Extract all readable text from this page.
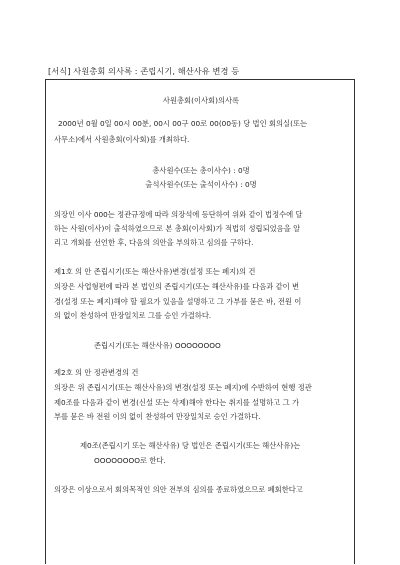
[서식] 사원총회 의사록 : 존립시기, 해산사유 변경 등
사원총회(이사회)의사록
2000년 0월 0일 00시 00분, 00시 00구 00로 00(00동) 당 법인 회의실(또는
사무소)에서 사원총회(이사회)를 개최하다.
총사원수(또는 총이사수) : 0명
출석사원수(또는 출석이사수) : 0명
의장인 이사 000는 정관규정에 따라 의장석에 등단하여 위와 같이 법정수에 달
하는 사원(이사)이 출석하였으므로 본 총회(이사회)가 적법히 성립되었음을 알
리고 개회를 선언한 후, 다음의 의안을 부의하고 심의를 구하다.
제1호 의 안 존립시기(또는 해산사유)변경(설정 또는 폐지)의 건
의장은 사업형편에 따라 본 법인의 존립시기(또는 해산사유)를 다음과 같이 변
경(설정 또는 폐지)해야 할 필요가 있음을 설명하고 그 가부를 묻은 바, 전원 이
의 없이 찬성하여 만장일치로 그를 승인 가결하다.
존립시기(또는 해산사유) OOOOOOOO
제2호 의 안 정관변경의 건
의장은 위 존립시기(또는 해산사유)의 변경(설정 또는 폐지)에 수반하여 현행 정관
제0조를 다음과 같이 변경(신설 또는 삭제)해야 한다는 취지를 설명하고 그 가
부를 묻은 바 전원 이의 없이 찬성하여 만장일치로 승인 가결하다.
제0조(존립시기 또는 해산사유) 당 법인은 존립시기(또는 해산사유)는
OOOOOOOO로 한다.
의장은 이상으로서 회의목적인 의안 전부의 심의를 종료하였으므로 폐회한다고
